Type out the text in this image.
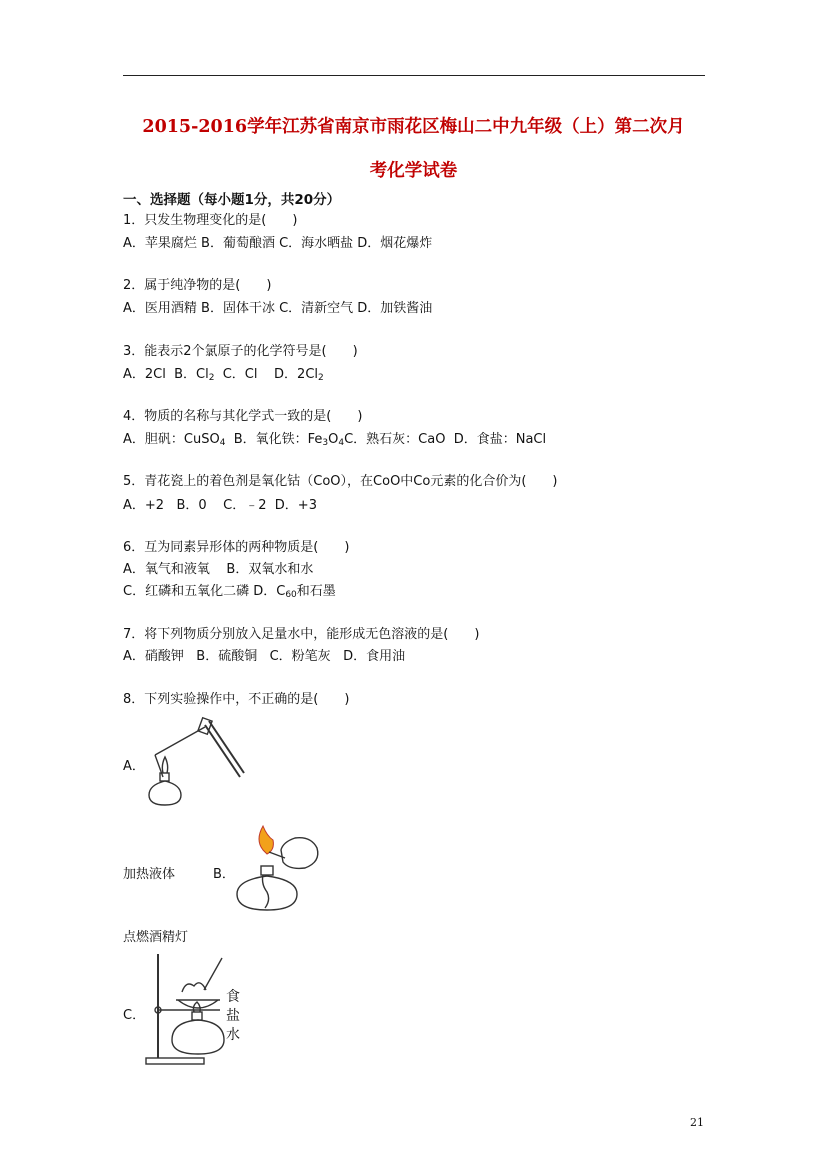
2015-2016学年江苏省南京市雨花区梅山二中九年级（上）第二次月
考化学试卷
一、选择题（每小题1分，共20分）
1．只发生物理变化的是(　　)
A．苹果腐烂 B．葡萄酿酒 C．海水晒盐 D．烟花爆炸
2．属于纯净物的是(　　)
A．医用酒精 B．固体干冰 C．清新空气 D．加铁酱油
3．能表示2个氯原子的化学符号是(　　)
A．2Cl  B．$Cl_2$  C．Cl    D．$2Cl_2$
4．物质的名称与其化学式一致的是(　　)
A．胆矾：CuSO$_4$  B．氧化铁：$Fe_3O_4C$．熟石灰：CaO  D．食盐：NaCl
5．青花瓷上的着色剂是氧化钴（CoO），在CoO中Co元素的化合价为(　　)
A．+2   B．0    C．﹣2  D．+3
6．互为同素异形体的两种物质是(　　)
A．氧气和液氧    B．双氧水和水
C．红磷和五氧化二磷 D．$C_{60}$和石墨
7．将下列物质分别放入足量水中，能形成无色溶液的是(　　)
A．硝酸钾   B．硫酸铜   C．粉笔灰   D．食用油
8．下列实验操作中，不正确的是(　　)
A．
加热液体	B．
点燃酒精灯
C．
食
盐
水
21
